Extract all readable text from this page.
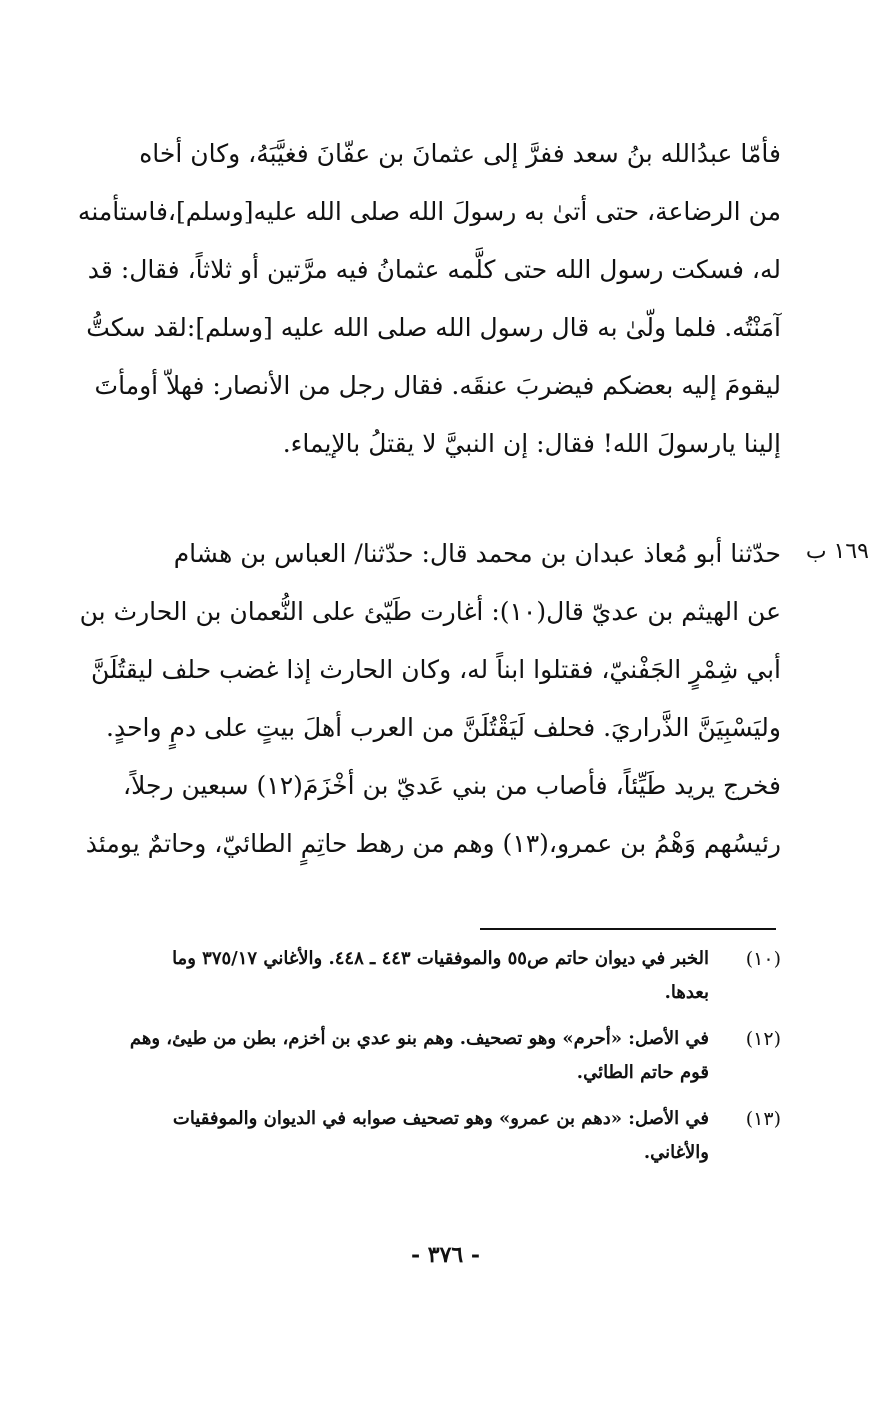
فأمّا عبدُالله بنُ سعد ففرَّ إلى عثمانَ بن عفّانَ فغيَّبَهُ، وكان أخاه
من الرضاعة، حتى أتىٰ به رسولَ الله صلى الله عليه[وسلم]،فاستأمنه
له، فسكت رسول الله حتى كلَّمه عثمانُ فيه مرَّتين أو ثلاثاً، فقال: قد
آمَنْتُه. فلما ولّىٰ به قال رسول الله صلى الله عليه [وسلم]:لقد سكتُّ
ليقومَ إليه بعضكم فيضربَ عنقَه. فقال رجل من الأنصار: فهلاّ أومأتَ
إلينا يارسولَ الله! فقال: إن النبيَّ لا يقتلُ بالإيماء.
١٦٩ ب
حدّثنا أبو مُعاذ عبدان بن محمد قال: حدّثنا/ العباس بن هشام
عن الهيثم بن عديّ قال(١٠): أغارت طَيّئ على النُّعمان بن الحارث بن
أبي شِمْرٍ الجَفْنيّ، فقتلوا ابناً له، وكان الحارث إذا غضب حلف ليقتُلَنَّ
وليَسْبِيَنَّ الذَّراريَ. فحلف لَيَقْتُلَنَّ من العرب أهلَ بيتٍ على دمٍ واحدٍ.
فخرج يريد طَيِّئاً، فأصاب من بني عَديّ بن أخْزَمَ(١٢) سبعين رجلاً،
رئيسُهم وَهْمُ بن عمرو،(١٣) وهم من رهط حاتِمٍ الطائيّ، وحاتمٌ يومئذ
(١٠)
الخبر في ديوان حاتم ص٥٥ والموفقيات ٤٤٣ ـ ٤٤٨. والأغاني ٣٧٥/١٧ وما
بعدها.
(١٢)
في الأصل: «أحرم» وهو تصحيف. وهم بنو عدي بن أخزم، بطن من طيئ، وهم
قوم حاتم الطائي.
(١٣)
في الأصل: «دهم بن عمرو» وهو تصحيف صوابه في الديوان والموفقيات
والأغاني.
- ٣٧٦ -
